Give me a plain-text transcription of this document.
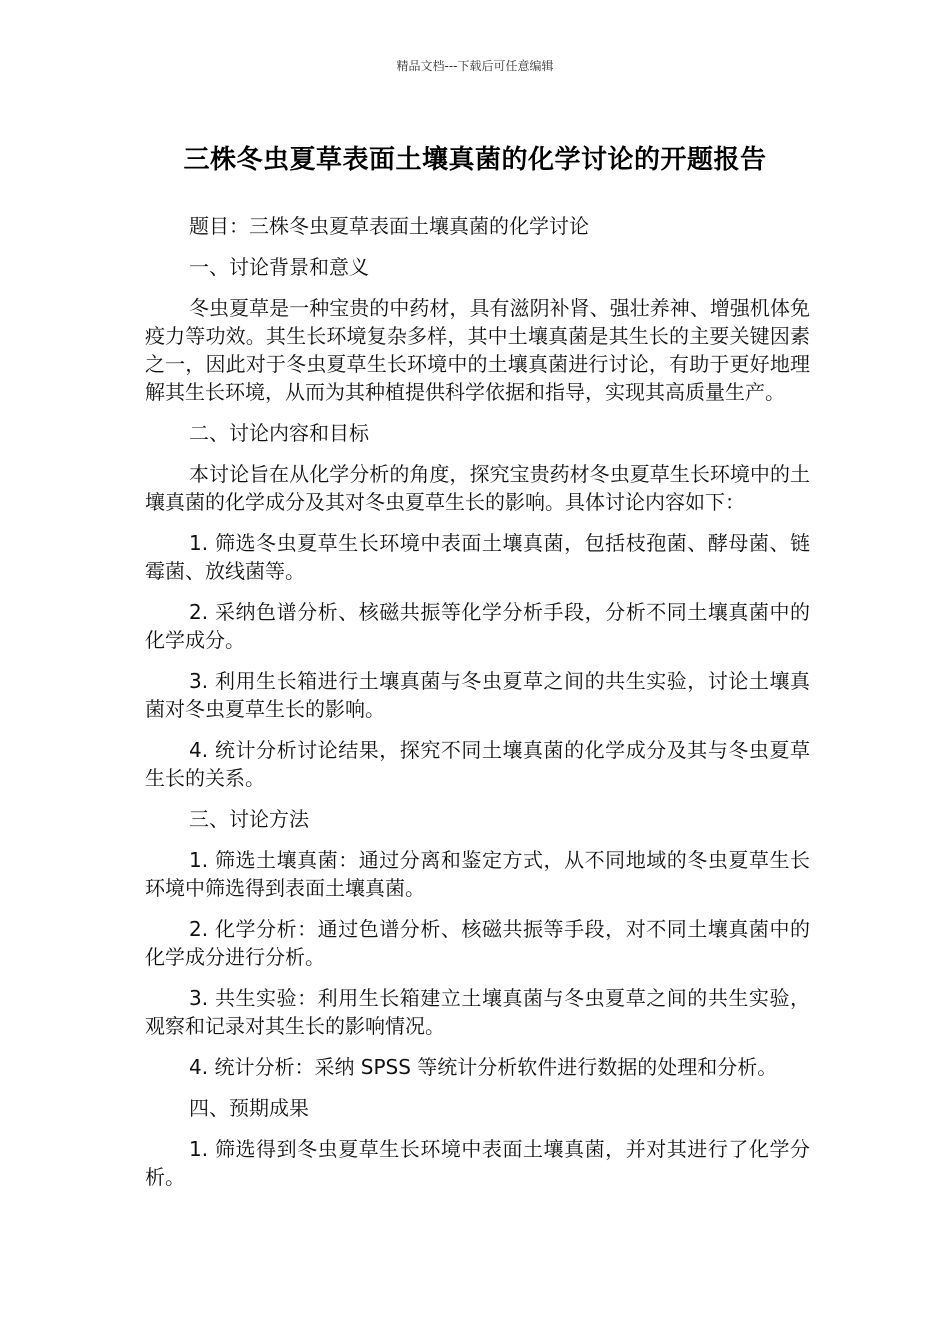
精品文档---下载后可任意编辑
三株冬虫夏草表面土壤真菌的化学讨论的开题报告

题目：三株冬虫夏草表面土壤真菌的化学讨论

一、讨论背景和意义

冬虫夏草是一种宝贵的中药材，具有滋阴补肾、强壮养神、增强机体免疫力等功效。其生长环境复杂多样，其中土壤真菌是其生长的主要关键因素之一，因此对于冬虫夏草生长环境中的土壤真菌进行讨论，有助于更好地理解其生长环境，从而为其种植提供科学依据和指导，实现其高质量生产。

二、讨论内容和目标

本讨论旨在从化学分析的角度，探究宝贵药材冬虫夏草生长环境中的土壤真菌的化学成分及其对冬虫夏草生长的影响。具体讨论内容如下：

1. 筛选冬虫夏草生长环境中表面土壤真菌，包括枝孢菌、酵母菌、链霉菌、放线菌等。

2. 采纳色谱分析、核磁共振等化学分析手段，分析不同土壤真菌中的化学成分。

3. 利用生长箱进行土壤真菌与冬虫夏草之间的共生实验，讨论土壤真菌对冬虫夏草生长的影响。

4. 统计分析讨论结果，探究不同土壤真菌的化学成分及其与冬虫夏草生长的关系。

三、讨论方法

1. 筛选土壤真菌：通过分离和鉴定方式，从不同地域的冬虫夏草生长环境中筛选得到表面土壤真菌。

2. 化学分析：通过色谱分析、核磁共振等手段，对不同土壤真菌中的化学成分进行分析。

3. 共生实验：利用生长箱建立土壤真菌与冬虫夏草之间的共生实验，观察和记录对其生长的影响情况。

4. 统计分析：采纳 SPSS 等统计分析软件进行数据的处理和分析。

四、预期成果

1. 筛选得到冬虫夏草生长环境中表面土壤真菌，并对其进行了化学分析。
